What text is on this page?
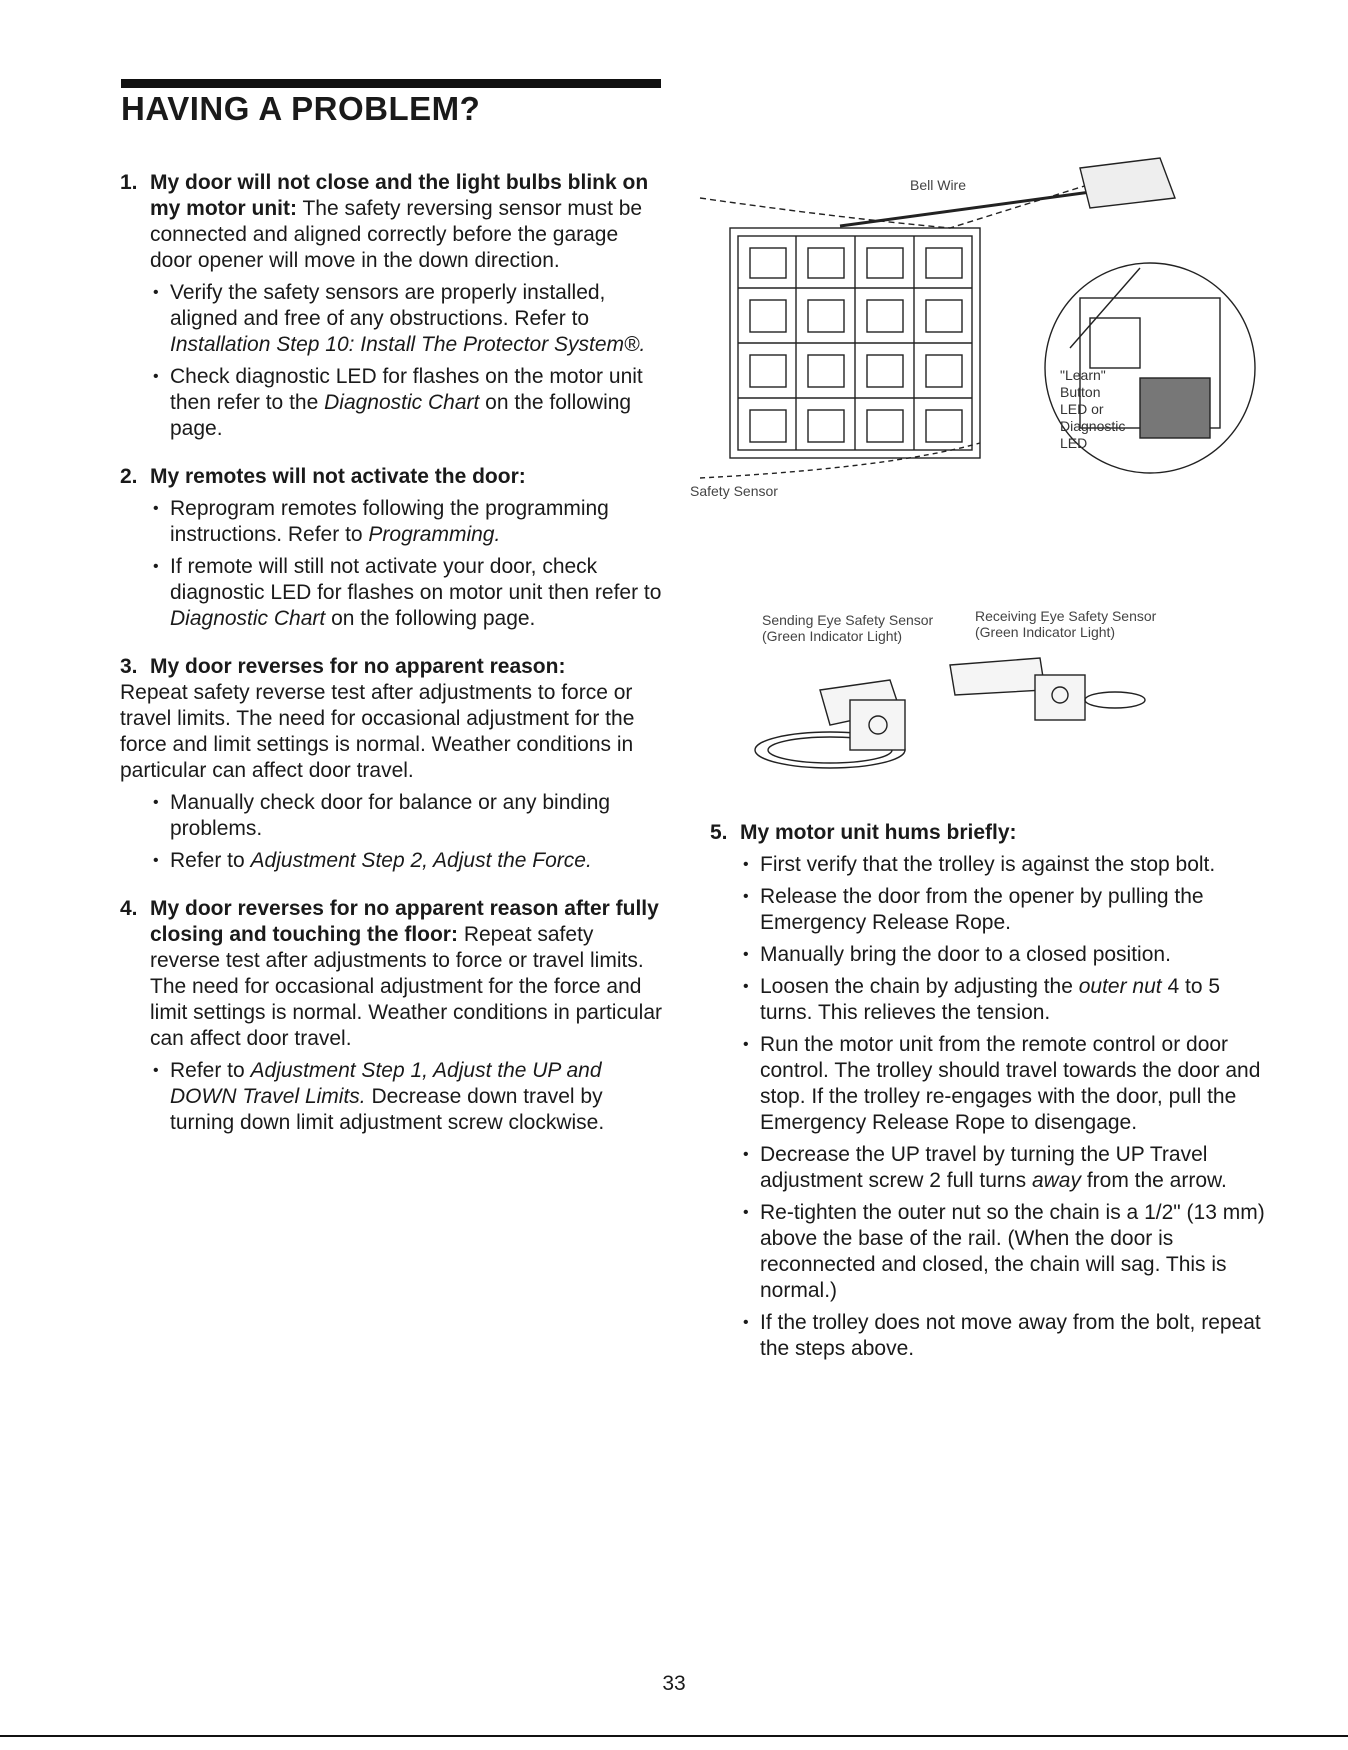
HAVING A PROBLEM?
1. My door will not close and the light bulbs blink on my motor unit: The safety reversing sensor must be connected and aligned correctly before the garage door opener will move in the down direction.
• Verify the safety sensors are properly installed, aligned and free of any obstructions. Refer to Installation Step 10: Install The Protector System®.
• Check diagnostic LED for flashes on the motor unit then refer to the Diagnostic Chart on the following page.
2. My remotes will not activate the door:
• Reprogram remotes following the programming instructions. Refer to Programming.
• If remote will still not activate your door, check diagnostic LED for flashes on motor unit then refer to Diagnostic Chart on the following page.
3. My door reverses for no apparent reason:

Repeat safety reverse test after adjustments to force or travel limits. The need for occasional adjustment for the force and limit settings is normal. Weather conditions in particular can affect door travel.

• Manually check door for balance or any binding problems.
• Refer to Adjustment Step 2, Adjust the Force.
4. My door reverses for no apparent reason after fully closing and touching the floor: Repeat safety reverse test after adjustments to force or travel limits. The need for occasional adjustment for the force and limit settings is normal. Weather conditions in particular can affect door travel.
• Refer to Adjustment Step 1, Adjust the UP and DOWN Travel Limits. Decrease down travel by turning down limit adjustment screw clockwise.
Bell Wire
Safety Sensor
"Learn"
Button
LED or
Diagnostic
LED
Sending Eye Safety Sensor
(Green Indicator Light)
Receiving Eye Safety Sensor
(Green Indicator Light)
5. My motor unit hums briefly:
• First verify that the trolley is against the stop bolt.
• Release the door from the opener by pulling the Emergency Release Rope.
• Manually bring the door to a closed position.
• Loosen the chain by adjusting the outer nut 4 to 5 turns. This relieves the tension.
• Run the motor unit from the remote control or door control. The trolley should travel towards the door and stop. If the trolley re-engages with the door, pull the Emergency Release Rope to disengage.
• Decrease the UP travel by turning the UP Travel adjustment screw 2 full turns away from the arrow.
• Re-tighten the outer nut so the chain is a 1/2" (13 mm) above the base of the rail. (When the door is reconnected and closed, the chain will sag. This is normal.)
• If the trolley does not move away from the bolt, repeat the steps above.
33
